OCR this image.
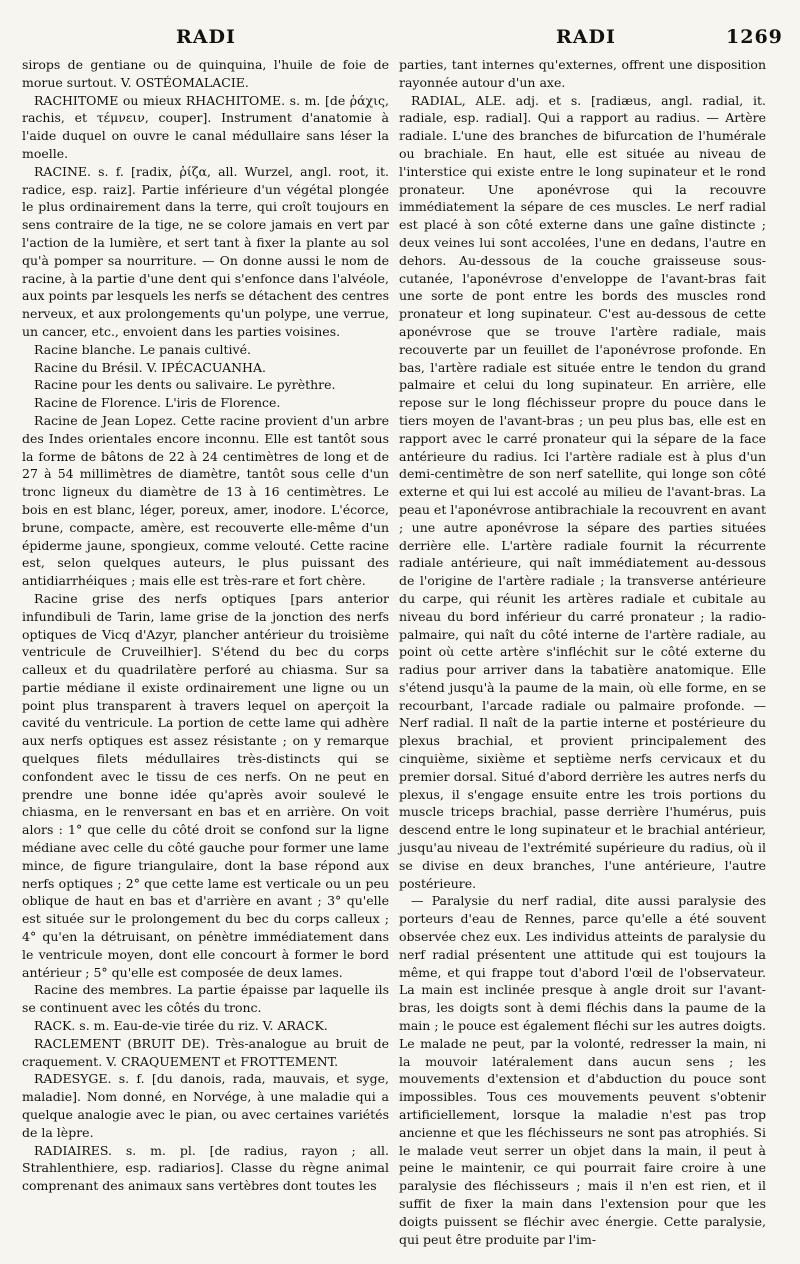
RADI	RADI	1269

sirops de gentiane ou de quinquina, l'huile de foie de morue surtout. V. OSTÉOMALACIE.

RACHITOME ou mieux RHACHITOME. s. m. [de ῥάχις, rachis, et τέμνειν, couper]. Instrument d'anatomie à l'aide duquel on ouvre le canal médullaire sans léser la moelle.

RACINE. s. f. [radix, ῥίζα, all. Wurzel, angl. root, it. radice, esp. raiz]. Partie inférieure d'un végétal plongée le plus ordinairement dans la terre, qui croît toujours en sens contraire de la tige, ne se colore jamais en vert par l'action de la lumière, et sert tant à fixer la plante au sol qu'à pomper sa nourriture. — On donne aussi le nom de racine, à la partie d'une dent qui s'enfonce dans l'alvéole, aux points par lesquels les nerfs se détachent des centres nerveux, et aux prolongements qu'un polype, une verrue, un cancer, etc., envoient dans les parties voisines.

Racine blanche. Le panais cultivé.

Racine du Brésil. V. IPÉCACUANHA.

Racine pour les dents ou salivaire. Le pyrèthre.

Racine de Florence. L'iris de Florence.

Racine de Jean Lopez. Cette racine provient d'un arbre des Indes orientales encore inconnu. Elle est tantôt sous la forme de bâtons de 22 à 24 centimètres de long et de 27 à 54 millimètres de diamètre, tantôt sous celle d'un tronc ligneux du diamètre de 13 à 16 centimètres. Le bois en est blanc, léger, poreux, amer, inodore. L'écorce, brune, compacte, amère, est recouverte elle-même d'un épiderme jaune, spongieux, comme velouté. Cette racine est, selon quelques auteurs, le plus puissant des antidiarrhéiques ; mais elle est très-rare et fort chère.

Racine grise des nerfs optiques [pars anterior infundibuli de Tarin, lame grise de la jonction des nerfs optiques de Vicq d'Azyr, plancher antérieur du troisième ventricule de Cruveilhier]. S'étend du bec du corps calleux et du quadrilatère perforé au chiasma. Sur sa partie médiane il existe ordinairement une ligne ou un point plus transparent à travers lequel on aperçoit la cavité du ventricule. La portion de cette lame qui adhère aux nerfs optiques est assez résistante ; on y remarque quelques filets médullaires très-distincts qui se confondent avec le tissu de ces nerfs. On ne peut en prendre une bonne idée qu'après avoir soulevé le chiasma, en le renversant en bas et en arrière. On voit alors : 1° que celle du côté droit se confond sur la ligne médiane avec celle du côté gauche pour former une lame mince, de figure triangulaire, dont la base répond aux nerfs optiques ; 2° que cette lame est verticale ou un peu oblique de haut en bas et d'arrière en avant ; 3° qu'elle est située sur le prolongement du bec du corps calleux ; 4° qu'en la détruisant, on pénètre immédiatement dans le ventricule moyen, dont elle concourt à former le bord antérieur ; 5° qu'elle est composée de deux lames.

Racine des membres. La partie épaisse par laquelle ils se continuent avec les côtés du tronc.

RACK. s. m. Eau-de-vie tirée du riz. V. ARACK.

RACLEMENT (BRUIT DE). Très-analogue au bruit de craquement. V. CRAQUEMENT et FROTTEMENT.

RADESYGE. s. f. [du danois, rada, mauvais, et syge, maladie]. Nom donné, en Norvége, à une maladie qui a quelque analogie avec le pian, ou avec certaines variétés de la lèpre.

RADIAIRES. s. m. pl. [de radius, rayon ; all. Strahlenthiere, esp. radiarios]. Classe du règne animal comprenant des animaux sans vertèbres dont toutes les

parties, tant internes qu'externes, offrent une disposition rayonnée autour d'un axe.

RADIAL, ALE. adj. et s. [radiæus, angl. radial, it. radiale, esp. radial]. Qui a rapport au radius. — Artère radiale. L'une des branches de bifurcation de l'humérale ou brachiale. En haut, elle est située au niveau de l'interstice qui existe entre le long supinateur et le rond pronateur. Une aponévrose qui la recouvre immédiatement la sépare de ces muscles. Le nerf radial est placé à son côté externe dans une gaîne distincte ; deux veines lui sont accolées, l'une en dedans, l'autre en dehors. Au-dessous de la couche graisseuse sous-cutanée, l'aponévrose d'enveloppe de l'avant-bras fait une sorte de pont entre les bords des muscles rond pronateur et long supinateur. C'est au-dessous de cette aponévrose que se trouve l'artère radiale, mais recouverte par un feuillet de l'aponévrose profonde. En bas, l'artère radiale est située entre le tendon du grand palmaire et celui du long supinateur. En arrière, elle repose sur le long fléchisseur propre du pouce dans le tiers moyen de l'avant-bras ; un peu plus bas, elle est en rapport avec le carré pronateur qui la sépare de la face antérieure du radius. Ici l'artère radiale est à plus d'un demi-centimètre de son nerf satellite, qui longe son côté externe et qui lui est accolé au milieu de l'avant-bras. La peau et l'aponévrose antibrachiale la recouvrent en avant ; une autre aponévrose la sépare des parties situées derrière elle. L'artère radiale fournit la récurrente radiale antérieure, qui naît immédiatement au-dessous de l'origine de l'artère radiale ; la transverse antérieure du carpe, qui réunit les artères radiale et cubitale au niveau du bord inférieur du carré pronateur ; la radio-palmaire, qui naît du côté interne de l'artère radiale, au point où cette artère s'infléchit sur le côté externe du radius pour arriver dans la tabatière anatomique. Elle s'étend jusqu'à la paume de la main, où elle forme, en se recourbant, l'arcade radiale ou palmaire profonde. — Nerf radial. Il naît de la partie interne et postérieure du plexus brachial, et provient principalement des cinquième, sixième et septième nerfs cervicaux et du premier dorsal. Situé d'abord derrière les autres nerfs du plexus, il s'engage ensuite entre les trois portions du muscle triceps brachial, passe derrière l'humérus, puis descend entre le long supinateur et le brachial antérieur, jusqu'au niveau de l'extrémité supérieure du radius, où il se divise en deux branches, l'une antérieure, l'autre postérieure.

— Paralysie du nerf radial, dite aussi paralysie des porteurs d'eau de Rennes, parce qu'elle a été souvent observée chez eux. Les individus atteints de paralysie du nerf radial présentent une attitude qui est toujours la même, et qui frappe tout d'abord l'œil de l'observateur. La main est inclinée presque à angle droit sur l'avant-bras, les doigts sont à demi fléchis dans la paume de la main ; le pouce est également fléchi sur les autres doigts. Le malade ne peut, par la volonté, redresser la main, ni la mouvoir latéralement dans aucun sens ; les mouvements d'extension et d'abduction du pouce sont impossibles. Tous ces mouvements peuvent s'obtenir artificiellement, lorsque la maladie n'est pas trop ancienne et que les fléchisseurs ne sont pas atrophiés. Si le malade veut serrer un objet dans la main, il peut à peine le maintenir, ce qui pourrait faire croire à une paralysie des fléchisseurs ; mais il n'en est rien, et il suffit de fixer la main dans l'extension pour que les doigts puissent se fléchir avec énergie. Cette paralysie, qui peut être produite par l'im-
